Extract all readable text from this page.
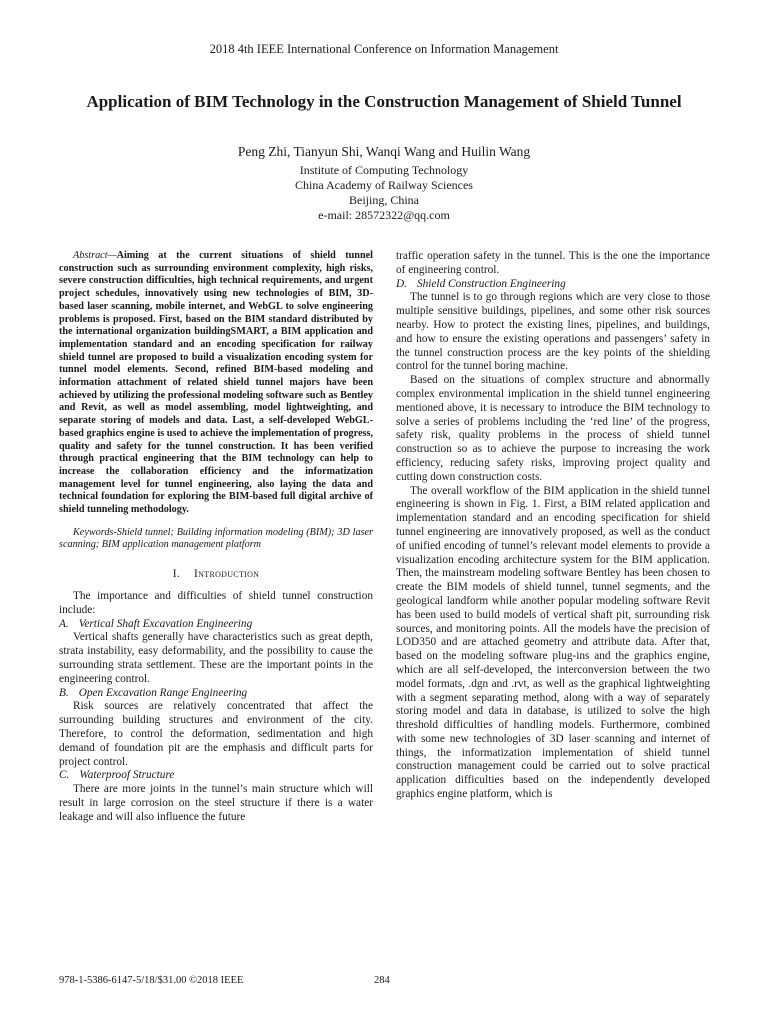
2018 4th IEEE International Conference on Information Management
Application of BIM Technology in the Construction Management of Shield Tunnel
Peng Zhi, Tianyun Shi, Wanqi Wang and Huilin Wang
Institute of Computing Technology
China Academy of Railway Sciences
Beijing, China
e-mail: 28572322@qq.com

Abstract—Aiming at the current situations of shield tunnel construction such as surrounding environment complexity, high risks, severe construction difficulties, high technical requirements, and urgent project schedules, innovatively using new technologies of BIM, 3D-based laser scanning, mobile internet, and WebGL to solve engineering problems is proposed. First, based on the BIM standard distributed by the international organization buildingSMART, a BIM application and implementation standard and an encoding specification for railway shield tunnel are proposed to build a visualization encoding system for tunnel model elements. Second, refined BIM-based modeling and information attachment of related shield tunnel majors have been achieved by utilizing the professional modeling software such as Bentley and Revit, as well as model assembling, model lightweighting, and separate storing of models and data. Last, a self-developed WebGL-based graphics engine is used to achieve the implementation of progress, quality and safety for the tunnel construction. It has been verified through practical engineering that the BIM technology can help to increase the collaboration efficiency and the informatization management level for tunnel engineering, also laying the data and technical foundation for exploring the BIM-based full digital archive of shield tunneling methodology.

Keywords-Shield tunnel; Building information modeling (BIM); 3D laser scanning; BIM application management platform

I. Introduction

The importance and difficulties of shield tunnel construction include:

A. Vertical Shaft Excavation Engineering

Vertical shafts generally have characteristics such as great depth, strata instability, easy deformability, and the possibility to cause the surrounding strata settlement. These are the important points in the engineering control.

B. Open Excavation Range Engineering

Risk sources are relatively concentrated that affect the surrounding building structures and environment of the city. Therefore, to control the deformation, sedimentation and high demand of foundation pit are the emphasis and difficult parts for project control.

C. Waterproof Structure

There are more joints in the tunnel’s main structure which will result in large corrosion on the steel structure if there is a water leakage and will also influence the future

traffic operation safety in the tunnel. This is the one the importance of engineering control.

D. Shield Construction Engineering

The tunnel is to go through regions which are very close to those multiple sensitive buildings, pipelines, and some other risk sources nearby. How to protect the existing lines, pipelines, and buildings, and how to ensure the existing operations and passengers’ safety in the tunnel construction process are the key points of the shielding control for the tunnel boring machine.

Based on the situations of complex structure and abnormally complex environmental implication in the shield tunnel engineering mentioned above, it is necessary to introduce the BIM technology to solve a series of problems including the ‘red line’ of the progress, safety risk, quality problems in the process of shield tunnel construction so as to achieve the purpose to increasing the work efficiency, reducing safety risks, improving project quality and cutting down construction costs.

The overall workflow of the BIM application in the shield tunnel engineering is shown in Fig. 1. First, a BIM related application and implementation standard and an encoding specification for shield tunnel engineering are innovatively proposed, as well as the conduct of unified encoding of tunnel’s relevant model elements to provide a visualization encoding architecture system for the BIM application. Then, the mainstream modeling software Bentley has been chosen to create the BIM models of shield tunnel, tunnel segments, and the geological landform while another popular modeling software Revit has been used to build models of vertical shaft pit, surrounding risk sources, and monitoring points. All the models have the precision of LOD350 and are attached geometry and attribute data. After that, based on the modeling software plug-ins and the graphics engine, which are all self-developed, the interconversion between the two model formats, .dgn and .rvt, as well as the graphical lightweighting with a segment separating method, along with a way of separately storing model and data in database, is utilized to solve the high threshold difficulties of handling models. Furthermore, combined with some new technologies of 3D laser scanning and internet of things, the informatization implementation of shield tunnel construction management could be carried out to solve practical application difficulties based on the independently developed graphics engine platform, which is

978-1-5386-6147-5/18/$31.00 ©2018 IEEE	284
